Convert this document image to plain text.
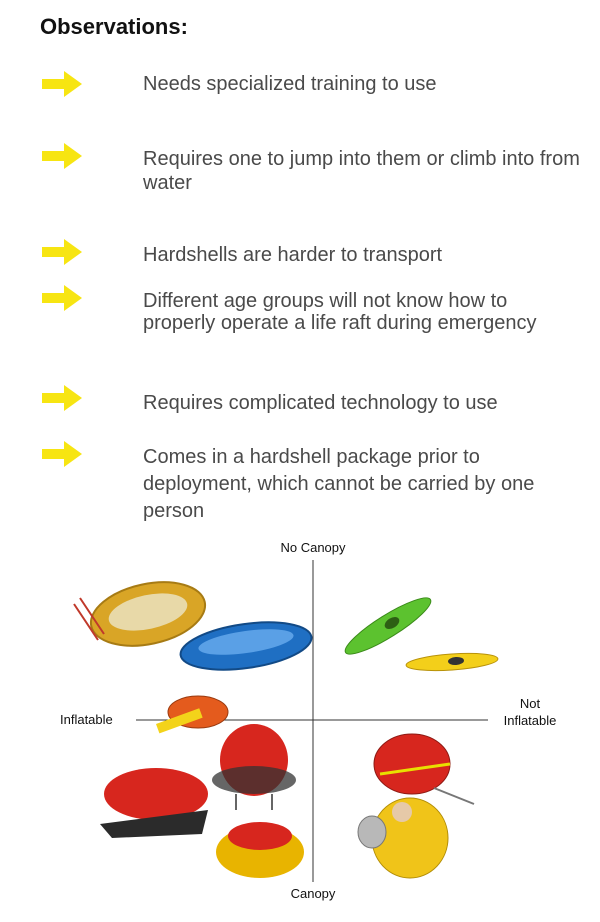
Observations:
Needs specialized training to use
Requires one to jump into them or climb into from water
Hardshells are harder to transport
Different age groups will not know how to properly operate a life raft during emergency
Requires complicated technology to use
Comes in a hardshell package prior to deployment, which cannot be carried by one person
No Canopy
Canopy
Inflatable
Not
Inflatable
